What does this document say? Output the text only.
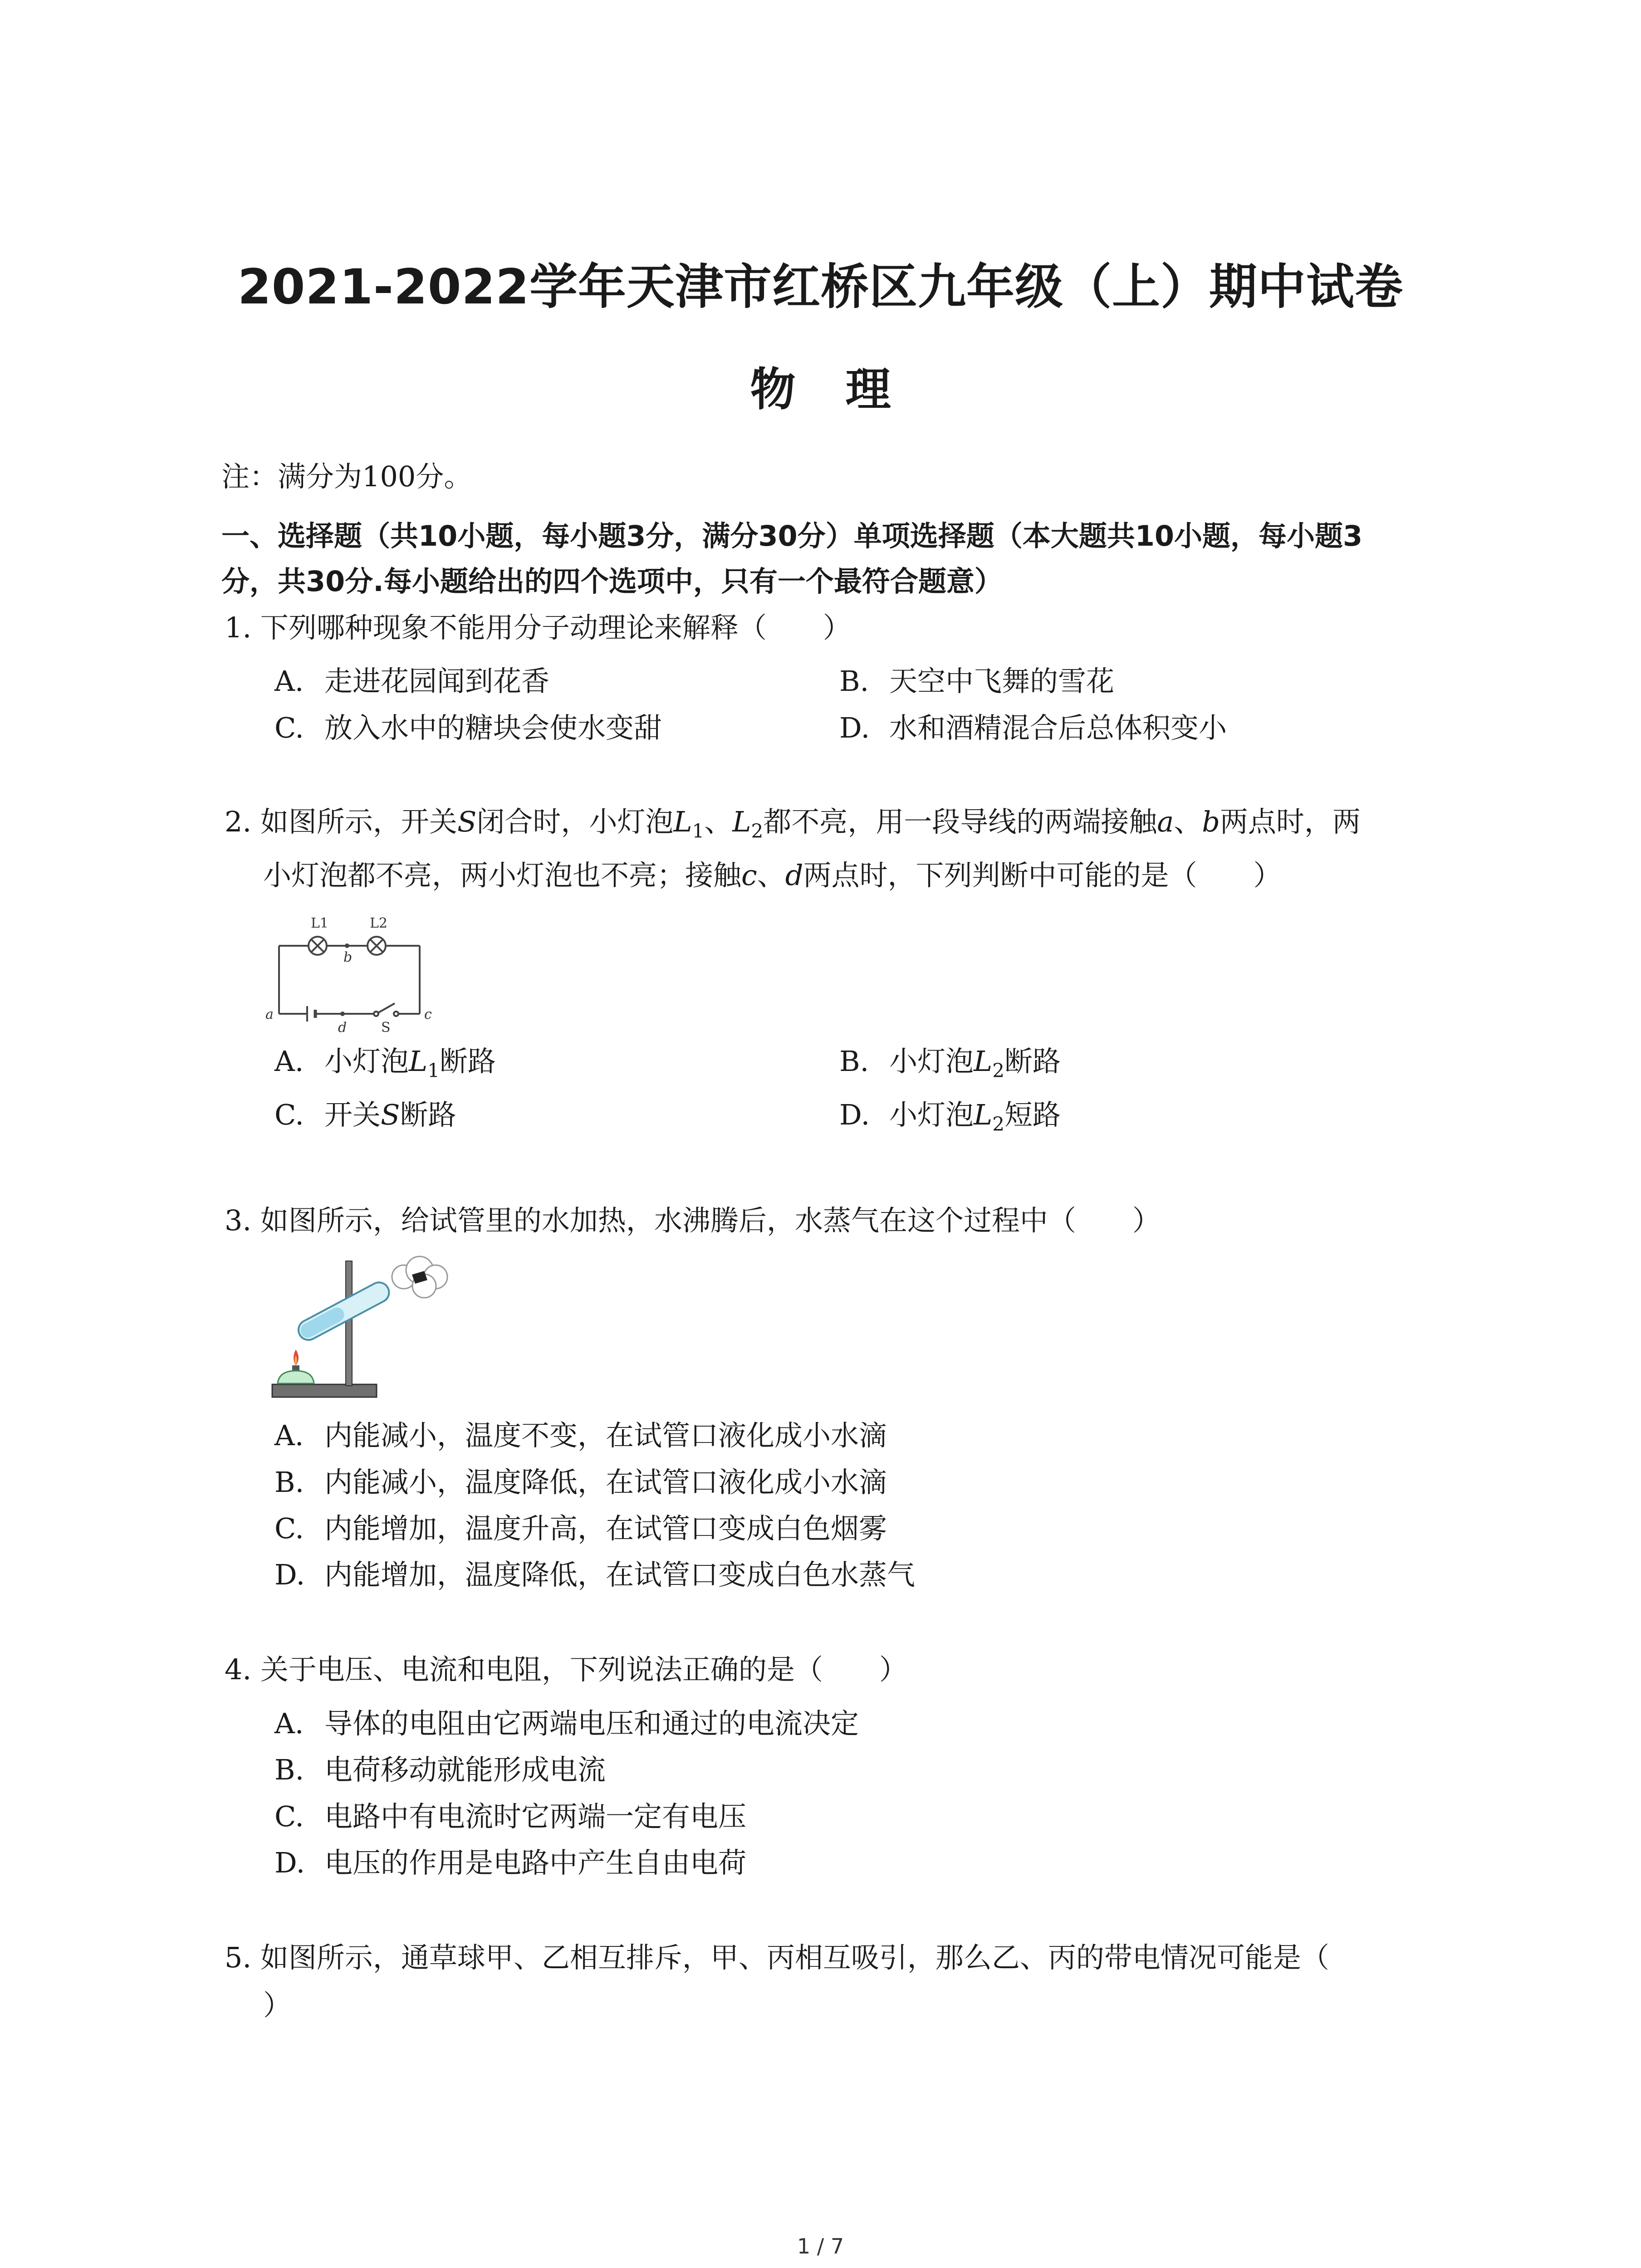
2021-2022学年天津市红桥区九年级（上）期中试卷
物理
注：满分为100分。
一、选择题（共10小题，每小题3分，满分30分）单项选择题（本大题共10小题，每小题3
分，共30分.每小题给出的四个选项中，只有一个最符合题意）
1. 下列哪种现象不能用分子动理论来解释（　　）
A. 走进花园闻到花香	B. 天空中飞舞的雪花
C. 放入水中的糖块会使水变甜	D. 水和酒精混合后总体积变小
2. 如图所示，开关S闭合时，小灯泡$L_1$、$L_2$都不亮，用一段导线的两端接触a、b两点时，两
小灯泡都不亮，两小灯泡也不亮；接触c、d两点时，下列判断中可能的是（　　）
L1	L2
b
a	c
d	S
A. 小灯泡$L_1$断路	B. 小灯泡$L_2$断路
C. 开关S断路	D. 小灯泡$L_2$短路
3. 如图所示，给试管里的水加热，水沸腾后，水蒸气在这个过程中（　　）
A. 内能减小，温度不变，在试管口液化成小水滴
B. 内能减小，温度降低，在试管口液化成小水滴
C. 内能增加，温度升高，在试管口变成白色烟雾
D. 内能增加，温度降低，在试管口变成白色水蒸气
4. 关于电压、电流和电阻，下列说法正确的是（　　）
A. 导体的电阻由它两端电压和通过的电流决定
B. 电荷移动就能形成电流
C. 电路中有电流时它两端一定有电压
D. 电压的作用是电路中产生自由电荷
5. 如图所示，通草球甲、乙相互排斥，甲、丙相互吸引，那么乙、丙的带电情况可能是（
）
1 / 7
